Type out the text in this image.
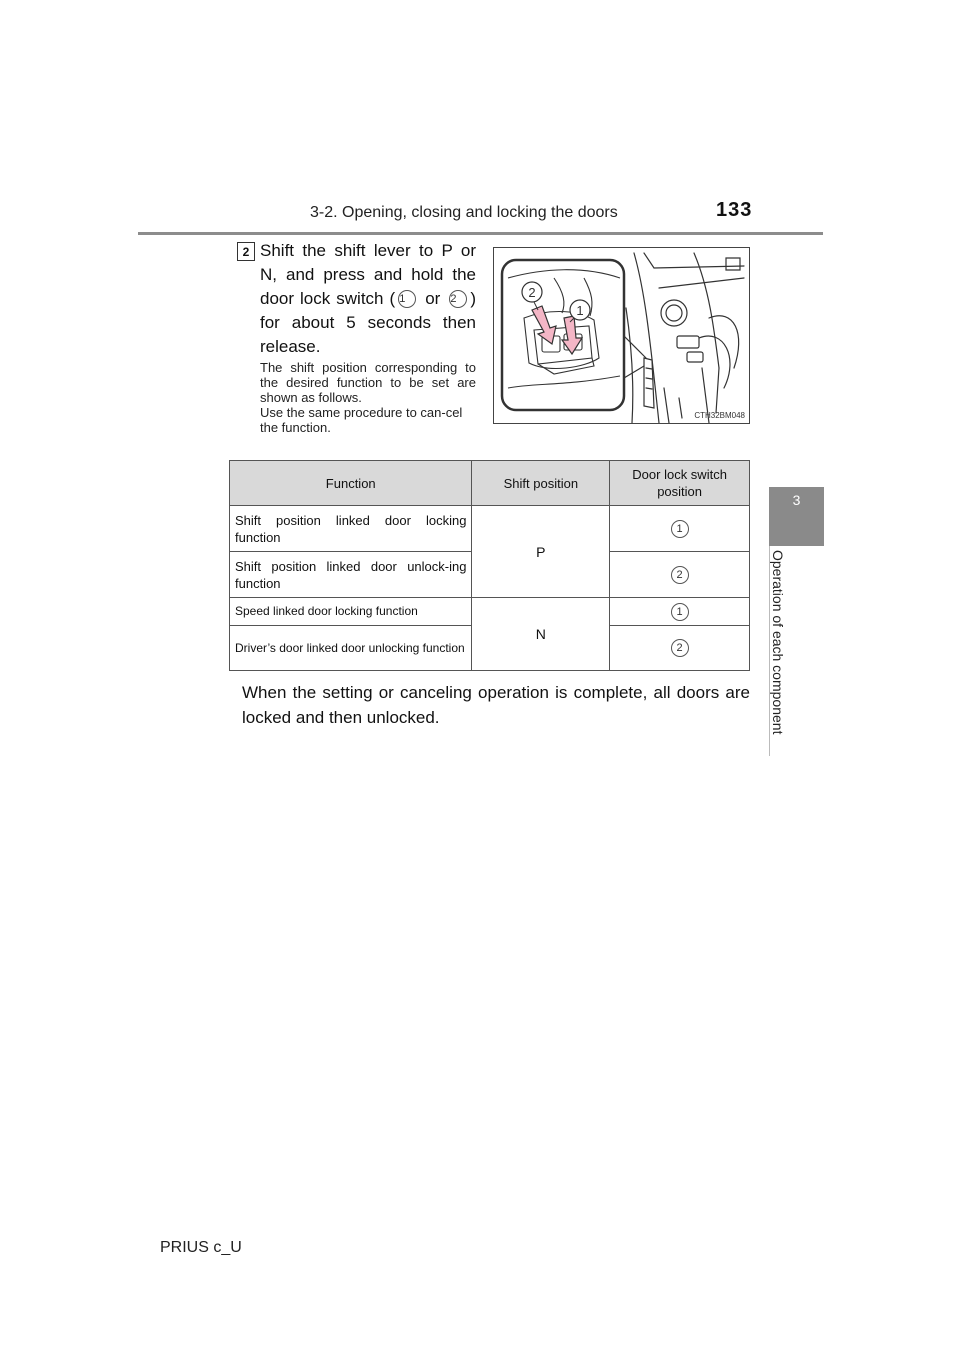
3-2. Opening, closing and locking the doors	133
3
Operation of each component
2 Shift the shift lever to P or N, and press and hold the door lock switch ( 1 or 2 ) for about 5 seconds then release.
The shift position corresponding to the desired function to be set are shown as follows.
Use the same procedure to can-cel the function.
2
1
CTH32BM048
Function	Shift position	Door lock switch position
Shift position linked door locking function	P	1
Shift position linked door unlock-ing function		2
Speed linked door locking function	N	1
Driver’s door linked door unlocking function		2
When the setting or canceling operation is complete, all doors are locked and then unlocked.
PRIUS c_U
